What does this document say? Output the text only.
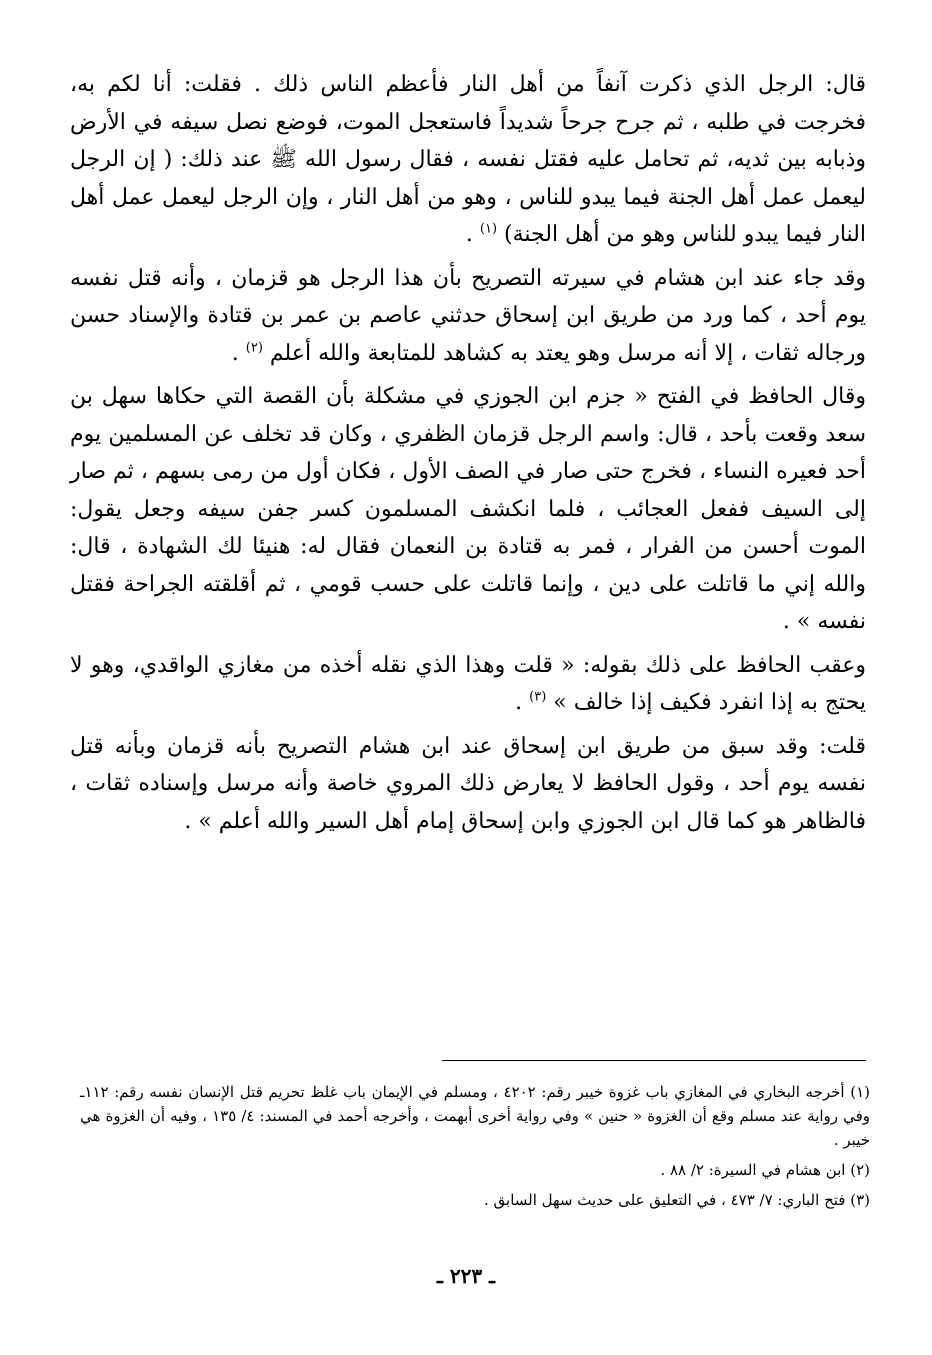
قال: الرجل الذي ذكرت آنفاً من أهل النار فأعظم الناس ذلك . فقلت: أنا لكم به، فخرجت في طلبه ، ثم جرح جرحاً شديداً فاستعجل الموت، فوضع نصل سيفه في الأرض وذبابه بين ثديه، ثم تحامل عليه فقتل نفسه ، فقال رسول الله ﷺ عند ذلك: ( إن الرجل ليعمل عمل أهل الجنة فيما يبدو للناس ، وهو من أهل النار ، وإن الرجل ليعمل عمل أهل النار فيما يبدو للناس وهو من أهل الجنة) $^{(١)}$ .

وقد جاء عند ابن هشام في سيرته التصريح بأن هذا الرجل هو قزمان ، وأنه قتل نفسه يوم أحد ، كما ورد من طريق ابن إسحاق حدثني عاصم بن عمر بن قتادة والإسناد حسن ورجاله ثقات ، إلا أنه مرسل وهو يعتد به كشاهد للمتابعة والله أعلم $^{(٢)}$ .

وقال الحافظ في الفتح « جزم ابن الجوزي في مشكلة بأن القصة التي حكاها سهل بن سعد وقعت بأحد ، قال: واسم الرجل قزمان الظفري ، وكان قد تخلف عن المسلمين يوم أحد فعيره النساء ، فخرج حتى صار في الصف الأول ، فكان أول من رمى بسهم ، ثم صار إلى السيف ففعل العجائب ، فلما انكشف المسلمون كسر جفن سيفه وجعل يقول: الموت أحسن من الفرار ، فمر به قتادة بن النعمان فقال له: هنيئا لك الشهادة ، قال: والله إني ما قاتلت على دين ، وإنما قاتلت على حسب قومي ، ثم أقلقته الجراحة فقتل نفسه » .

وعقب الحافظ على ذلك بقوله: « قلت وهذا الذي نقله أخذه من مغازي الواقدي، وهو لا يحتج به إذا انفرد فكيف إذا خالف » $^{(٣)}$ .

قلت: وقد سبق من طريق ابن إسحاق عند ابن هشام التصريح بأنه قزمان وبأنه قتل نفسه يوم أحد ، وقول الحافظ لا يعارض ذلك المروي خاصة وأنه مرسل وإسناده ثقات ، فالظاهر هو كما قال ابن الجوزي وابن إسحاق إمام أهل السير والله أعلم » .

(١) أخرجه البخاري في المغازي باب غزوة خيبر رقم: ٤٢٠٢ ، ومسلم في الإيمان باب غلظ تحريم قتل الإنسان نفسه رقم: ١١٢ـ وفي رواية عند مسلم وقع أن الغزوة « حنين » وفي رواية أخرى أبهمت ، وأخرجه أحمد في المسند: ٤/ ١٣٥ ، وفيه أن الغزوة هي خيبر .
(٢) ابن هشام في السيرة: ٢/ ٨٨ .
(٣) فتح الباري: ٧/ ٤٧٣ ، في التعليق على حديث سهل السابق .
ـ ٢٢٣ ـ
